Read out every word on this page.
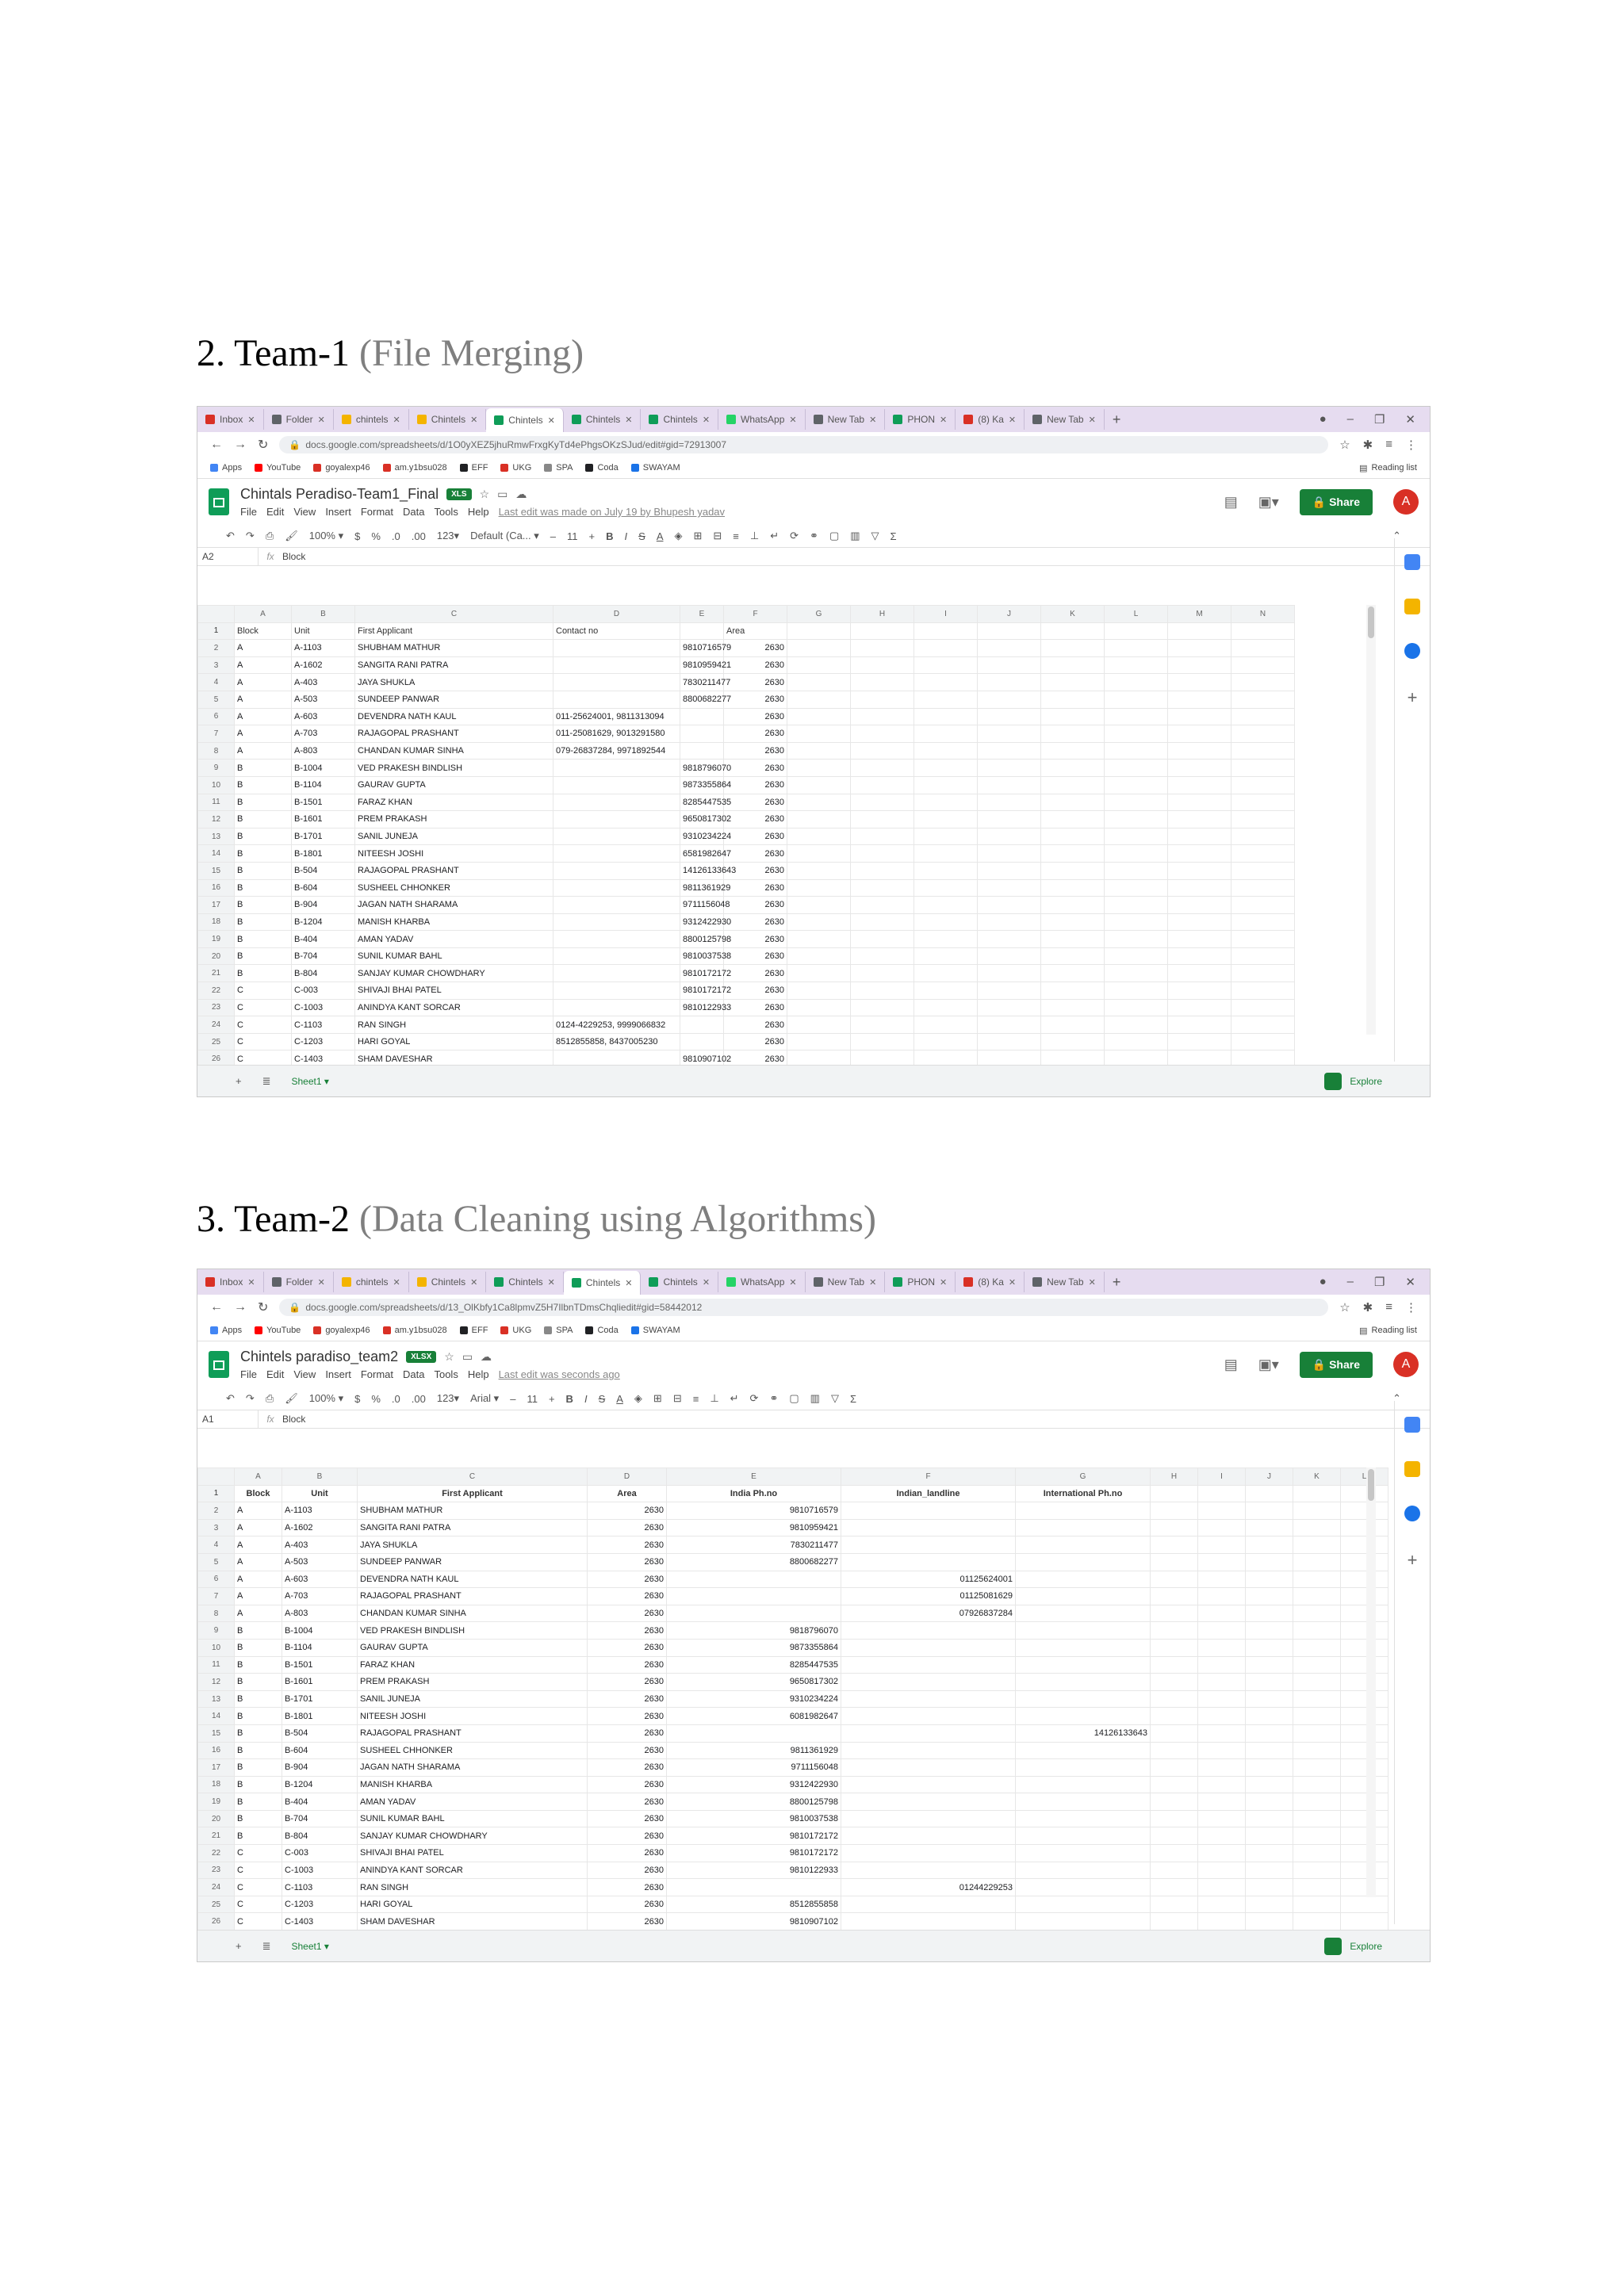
2. Team-1 (File Merging)
Inbox ✕	Folder ✕	chintels ✕	Chintels ✕	Chintels ✕	Chintels ✕	Chintels ✕	WhatsApp ✕	New Tab ✕	PHON ✕	(8) Ka ✕	New Tab ✕	+	● – ❐ ✕
← → ↻ 🔒 docs.google.com/spreadsheets/d/1O0yXEZ5jhuRmwFrxgKyTd4ePhgsOKzSJud/edit#gid=72913007	☆ ✱ ≡ ⋮
Apps	YouTube	goyalexp46	am.y1bsu028	EFF	UKG	SPA	Coda	SWAYAM	▤ Reading list
Chintals Peradiso-Team1_Final	XLS	☆ ▭ ☁
File Edit View Insert Format Data Tools Help Last edit was made on July 19 by Bhupesh yadav
▤ ▣▾	🔒 Share	A
↶ ↷ ⎙ 🖌 100% ▾ $ % .0 .00 123▾ Default (Ca... ▾ – 11 + B I S A ◈ ⊞ ⊟ ≡ ⊥ ↵ ⟳ ⚭ ▢ ▥ ▽ Σ	⌃
A2	fx Block
	A	B	C	D	E	F	G	H	I	J	K	L	M	N
1	Block	Unit	First Applicant	Contact no		Area								
2	A	A-1103	SHUBHAM MATHUR		9810716579	2630								
3	A	A-1602	SANGITA RANI PATRA		9810959421	2630								
4	A	A-403	JAYA SHUKLA		7830211477	2630								
5	A	A-503	SUNDEEP PANWAR		8800682277	2630								
6	A	A-603	DEVENDRA NATH KAUL	011-25624001, 9811313094		2630								
7	A	A-703	RAJAGOPAL PRASHANT	011-25081629, 9013291580		2630								
8	A	A-803	CHANDAN KUMAR SINHA	079-26837284, 9971892544		2630								
9	B	B-1004	VED PRAKESH BINDLISH		9818796070	2630								
10	B	B-1104	GAURAV GUPTA		9873355864	2630								
11	B	B-1501	FARAZ KHAN		8285447535	2630								
12	B	B-1601	PREM PRAKASH		9650817302	2630								
13	B	B-1701	SANIL JUNEJA		9310234224	2630								
14	B	B-1801	NITEESH JOSHI		6581982647	2630								
15	B	B-504	RAJAGOPAL PRASHANT		14126133643	2630								
16	B	B-604	SUSHEEL CHHONKER		9811361929	2630								
17	B	B-904	JAGAN NATH SHARAMA		9711156048	2630								
18	B	B-1204	MANISH KHARBA		9312422930	2630								
19	B	B-404	AMAN YADAV		8800125798	2630								
20	B	B-704	SUNIL KUMAR BAHL		9810037538	2630								
21	B	B-804	SANJAY KUMAR CHOWDHARY		9810172172	2630								
22	C	C-003	SHIVAJI BHAI PATEL		9810172172	2630								
23	C	C-1003	ANINDYA KANT SORCAR		9810122933	2630								
24	C	C-1103	RAN SINGH	0124-4229253, 9999066832		2630								
25	C	C-1203	HARI GOYAL	8512855858, 8437005230		2630								
26	C	C-1403	SHAM DAVESHAR		9810907102	2630								
+
+ ≣ Sheet1 ▾	Explore
3. Team-2 (Data Cleaning using Algorithms)
Inbox ✕	Folder ✕	chintels ✕	Chintels ✕	Chintels ✕	Chintels ✕	Chintels ✕	WhatsApp ✕	New Tab ✕	PHON ✕	(8) Ka ✕	New Tab ✕	+	● – ❐ ✕
← → ↻ 🔒 docs.google.com/spreadsheets/d/13_OlKbfy1Ca8lpmvZ5H7IlbnTDmsChqliedit#gid=58442012	☆ ✱ ≡ ⋮
Apps	YouTube	goyalexp46	am.y1bsu028	EFF	UKG	SPA	Coda	SWAYAM	▤ Reading list
Chintels paradiso_team2	XLSX	☆ ▭ ☁
File Edit View Insert Format Data Tools Help Last edit was seconds ago
▤ ▣▾	🔒 Share	A
↶ ↷ ⎙ 🖌 100% ▾ $ % .0 .00 123▾ Arial ▾ – 11 + B I S A ◈ ⊞ ⊟ ≡ ⊥ ↵ ⟳ ⚭ ▢ ▥ ▽ Σ	⌃
A1	fx Block
	A	B	C	D	E	F	G	H	I	J	K	L
1	Block	Unit	First Applicant	Area	India Ph.no	Indian_landline	International Ph.no					
2	A	A-1103	SHUBHAM MATHUR	2630	9810716579							
3	A	A-1602	SANGITA RANI PATRA	2630	9810959421							
4	A	A-403	JAYA SHUKLA	2630	7830211477							
5	A	A-503	SUNDEEP PANWAR	2630	8800682277							
6	A	A-603	DEVENDRA NATH KAUL	2630		01125624001						
7	A	A-703	RAJAGOPAL PRASHANT	2630		01125081629						
8	A	A-803	CHANDAN KUMAR SINHA	2630		07926837284						
9	B	B-1004	VED PRAKESH BINDLISH	2630	9818796070							
10	B	B-1104	GAURAV GUPTA	2630	9873355864							
11	B	B-1501	FARAZ KHAN	2630	8285447535							
12	B	B-1601	PREM PRAKASH	2630	9650817302							
13	B	B-1701	SANIL JUNEJA	2630	9310234224							
14	B	B-1801	NITEESH JOSHI	2630	6081982647							
15	B	B-504	RAJAGOPAL PRASHANT	2630			14126133643					
16	B	B-604	SUSHEEL CHHONKER	2630	9811361929							
17	B	B-904	JAGAN NATH SHARAMA	2630	9711156048							
18	B	B-1204	MANISH KHARBA	2630	9312422930							
19	B	B-404	AMAN YADAV	2630	8800125798							
20	B	B-704	SUNIL KUMAR BAHL	2630	9810037538							
21	B	B-804	SANJAY KUMAR CHOWDHARY	2630	9810172172							
22	C	C-003	SHIVAJI BHAI PATEL	2630	9810172172							
23	C	C-1003	ANINDYA KANT SORCAR	2630	9810122933							
24	C	C-1103	RAN SINGH	2630		01244229253						
25	C	C-1203	HARI GOYAL	2630	8512855858							
26	C	C-1403	SHAM DAVESHAR	2630	9810907102							

+
+ ≣ Sheet1 ▾	Explore
